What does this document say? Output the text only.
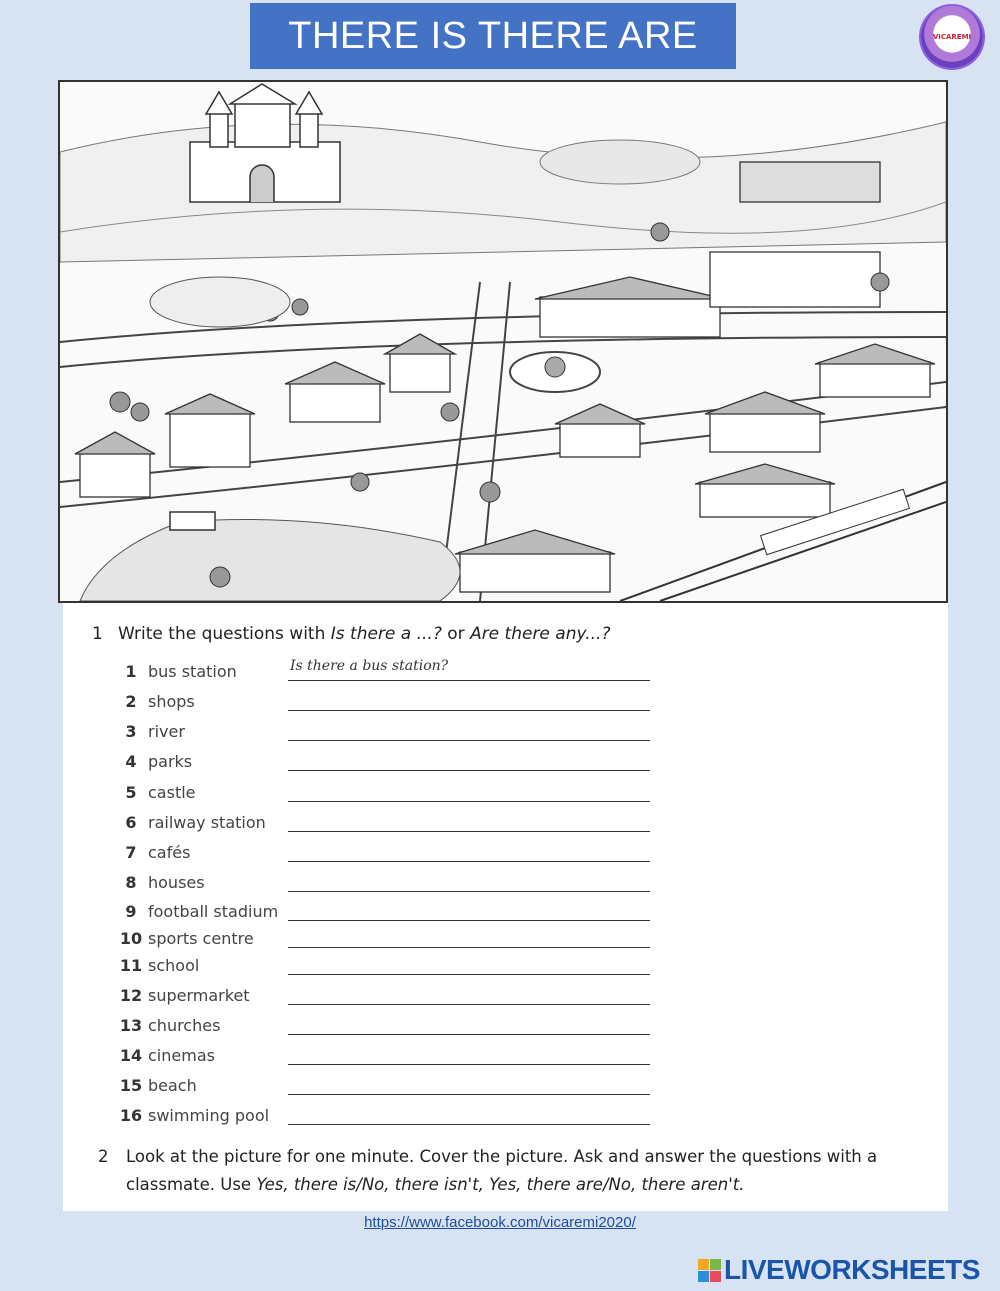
THERE IS THERE ARE	VICAREMI
1 Write the questions with Is there a ...? or Are there any...?
1 bus station	Is there a bus station?
2 shops
3 river
4 parks
5 castle
6 railway station
7 cafés
8 houses
9 football stadium
10 sports centre
11 school
12 supermarket
13 churches
14 cinemas
15 beach
16 swimming pool
2 Look at the picture for one minute. Cover the picture. Ask and answer the questions with a
classmate. Use Yes, there is/No, there isn't, Yes, there are/No, there aren't.
https://www.facebook.com/vicaremi2020/
LIVEWORKSHEETS
